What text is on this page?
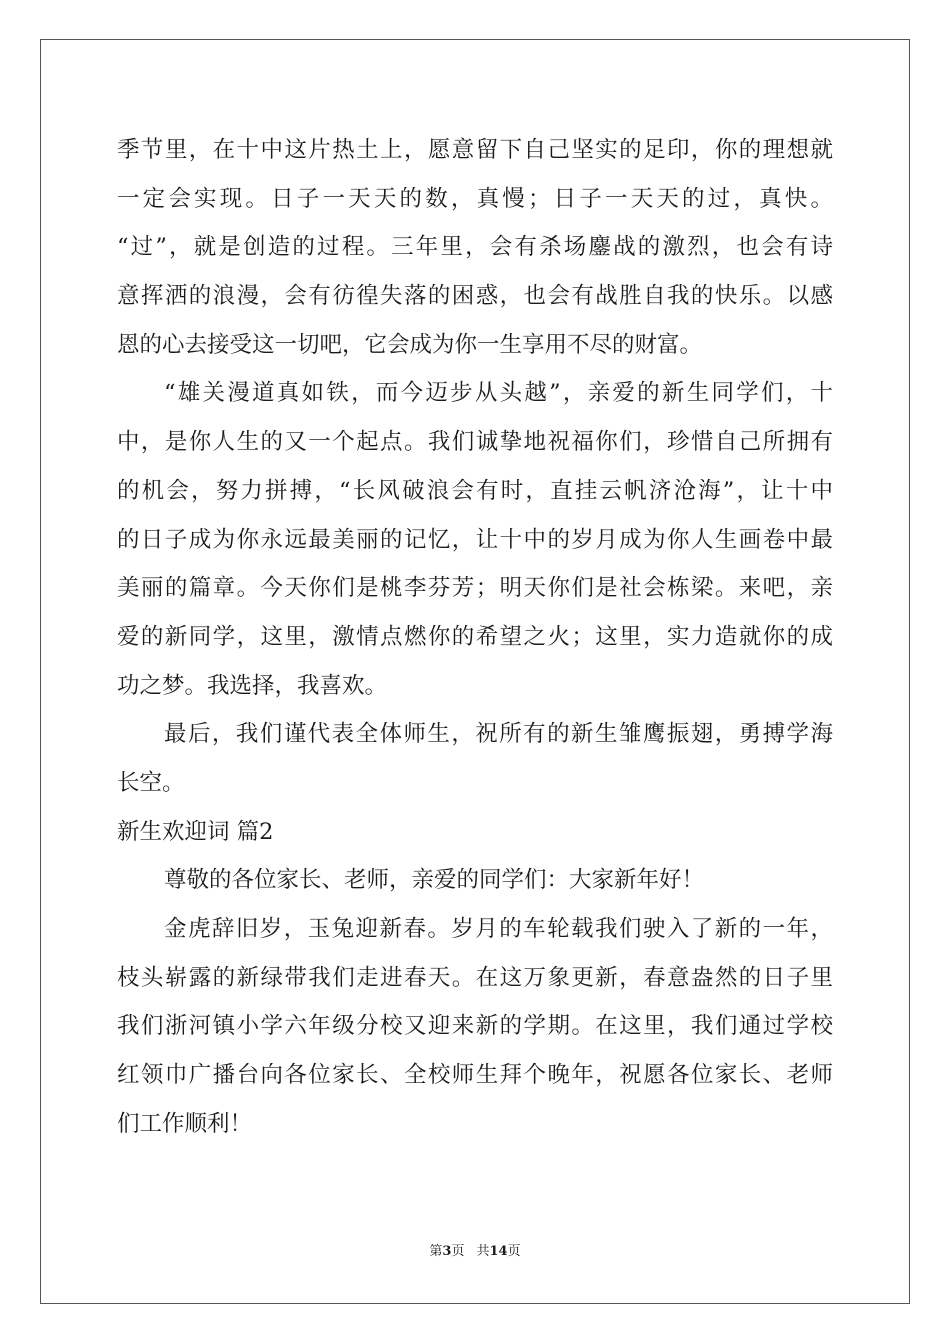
季节里，在十中这片热土上，愿意留下自己坚实的足印，你的理想就
一定会实现。日子一天天的数，真慢；日子一天天的过，真快。
“过”，就是创造的过程。三年里，会有杀场鏖战的激烈，也会有诗
意挥洒的浪漫，会有彷徨失落的困惑，也会有战胜自我的快乐。以感
恩的心去接受这一切吧，它会成为你一生享用不尽的财富。
“雄关漫道真如铁，而今迈步从头越”，亲爱的新生同学们，十
中，是你人生的又一个起点。我们诚挚地祝福你们，珍惜自己所拥有
的机会，努力拼搏，“长风破浪会有时，直挂云帆济沧海”，让十中
的日子成为你永远最美丽的记忆，让十中的岁月成为你人生画卷中最
美丽的篇章。今天你们是桃李芬芳；明天你们是社会栋梁。来吧，亲
爱的新同学，这里，激情点燃你的希望之火；这里，实力造就你的成
功之梦。我选择，我喜欢。
最后，我们谨代表全体师生，祝所有的新生雏鹰振翅，勇搏学海
长空。
新生欢迎词 篇2
尊敬的各位家长、老师，亲爱的同学们：大家新年好！
金虎辞旧岁，玉兔迎新春。岁月的车轮载我们驶入了新的一年，
枝头崭露的新绿带我们走进春天。在这万象更新，春意盎然的日子里
我们浙河镇小学六年级分校又迎来新的学期。在这里，我们通过学校
红领巾广播台向各位家长、全校师生拜个晚年，祝愿各位家长、老师
们工作顺利！
第3页 共14页
